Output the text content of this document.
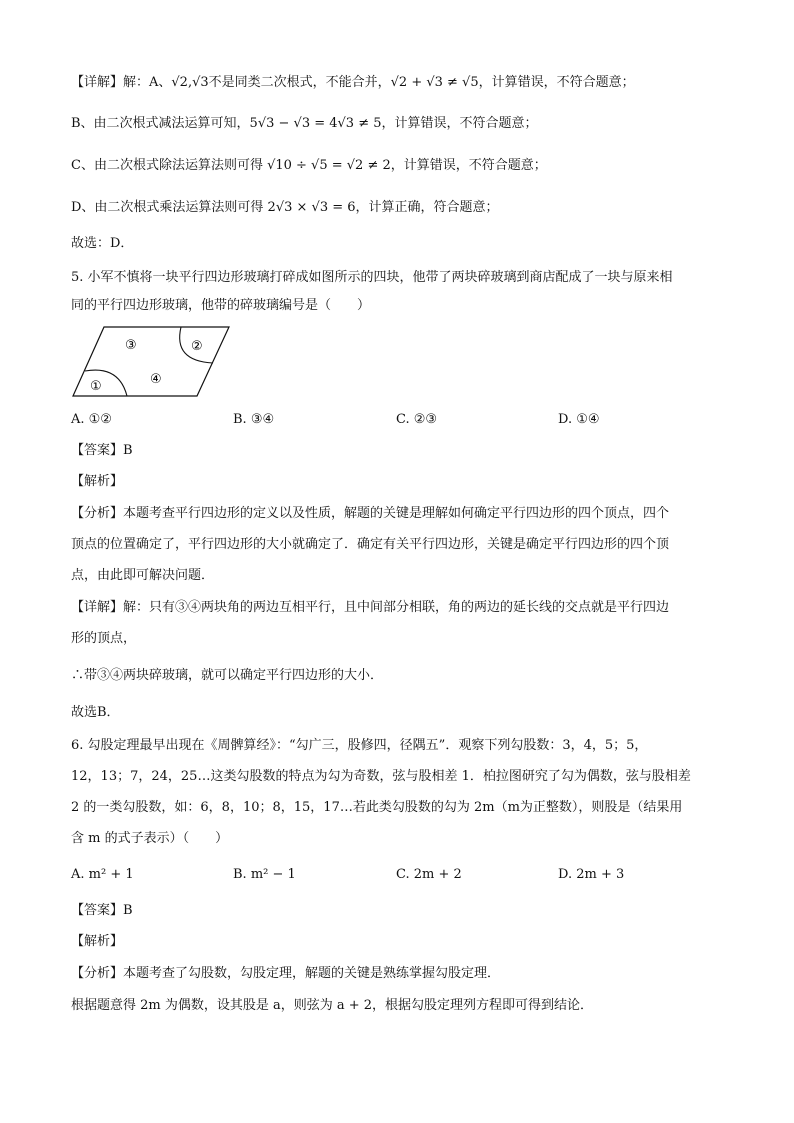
【详解】解：A、√2,√3不是同类二次根式，不能合并，√2 + √3 ≠ √5，计算错误，不符合题意；
B、由二次根式减法运算可知，5√3 − √3 = 4√3 ≠ 5，计算错误，不符合题意；
C、由二次根式除法运算法则可得 √10 ÷ √5 = √2 ≠ 2，计算错误，不符合题意；
D、由二次根式乘法运算法则可得 2√3 × √3 = 6，计算正确，符合题意；
故选：D．
5. 小军不慎将一块平行四边形玻璃打碎成如图所示的四块，他带了两块碎玻璃到商店配成了一块与原来相
同的平行四边形玻璃，他带的碎玻璃编号是（　　）
①
②
③
④
A. ①②	B. ③④	C. ②③	D. ①④
【答案】B
【解析】
【分析】本题考查平行四边形的定义以及性质，解题的关键是理解如何确定平行四边形的四个顶点，四个
顶点的位置确定了，平行四边形的大小就确定了．确定有关平行四边形，关键是确定平行四边形的四个顶
点，由此即可解决问题．
【详解】解：只有③④两块角的两边互相平行，且中间部分相联，角的两边的延长线的交点就是平行四边
形的顶点，
∴带③④两块碎玻璃，就可以确定平行四边形的大小．
故选B．
6. 勾股定理最早出现在《周髀算经》：“勾广三，股修四，径隅五”．观察下列勾股数：3，4，5；5，
12，13；7，24，25…这类勾股数的特点为勾为奇数，弦与股相差 1．柏拉图研究了勾为偶数，弦与股相差
2 的一类勾股数，如：6，8，10；8，15，17…若此类勾股数的勾为 2m（m为正整数），则股是（结果用
含 m 的式子表示）（　　）
A. m² + 1	B. m² − 1	C. 2m + 2	D. 2m + 3
【答案】B
【解析】
【分析】本题考查了勾股数，勾股定理，解题的关键是熟练掌握勾股定理．
根据题意得 2m 为偶数，设其股是 a，则弦为 a + 2，根据勾股定理列方程即可得到结论．
